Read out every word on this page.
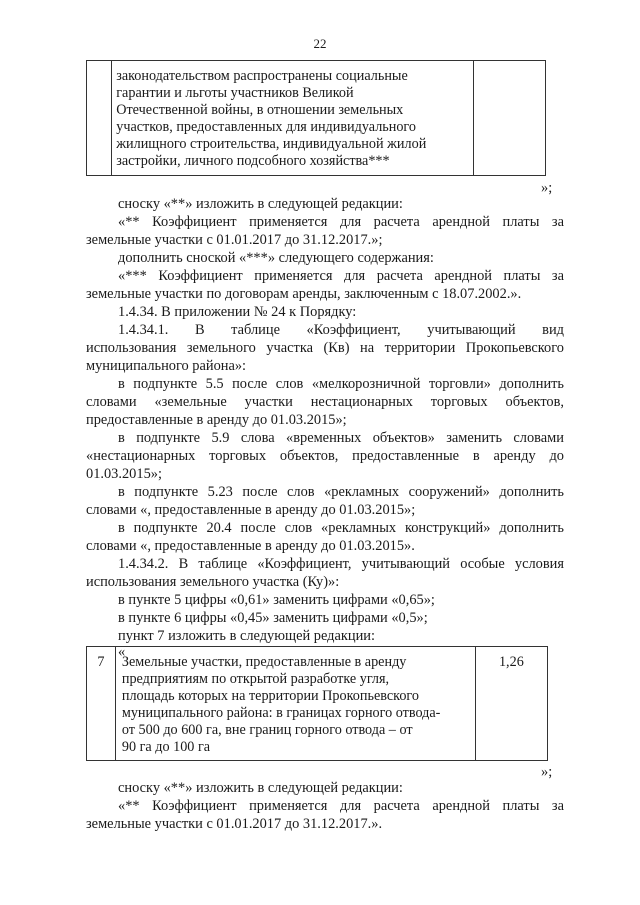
22

законодательством распространены социальные
гарантии и льготы участников Великой
Отечественной войны, в отношении земельных
участков, предоставленных для индивидуального
жилищного строительства, индивидуальной жилой
застройки, личного подсобного хозяйства***

»;
сноску «**» изложить в следующей редакции:
«** Коэффициент применяется для расчета арендной платы за
земельные участки с 01.01.2017 до 31.12.2017.»;
дополнить сноской «***» следующего содержания:
«*** Коэффициент применяется для расчета арендной платы за
земельные участки по договорам аренды, заключенным с 18.07.2002.».
1.4.34. В приложении № 24 к Порядку:
1.4.34.1. В таблице «Коэффициент, учитывающий вид
использования земельного участка (Кв) на территории Прокопьевского
муниципального района»:
в подпункте 5.5 после слов «мелкорозничной торговли» дополнить
словами «земельные участки нестационарных торговых объектов,
предоставленные в аренду до 01.03.2015»;
в подпункте 5.9 слова «временных объектов» заменить словами
«нестационарных торговых объектов, предоставленные в аренду до
01.03.2015»;
в подпункте 5.23 после слов «рекламных сооружений» дополнить
словами «, предоставленные в аренду до 01.03.2015»;
в подпункте 20.4 после слов «рекламных конструкций» дополнить
словами «, предоставленные в аренду до 01.03.2015».
1.4.34.2. В таблице «Коэффициент, учитывающий особые условия
использования земельного участка (Ку)»:
в пункте 5 цифры «0,61» заменить цифрами «0,65»;
в пункте 6 цифры «0,45» заменить цифрами «0,5»;
пункт 7 изложить в следующей редакции:
«
7	Земельные участки, предоставленные в аренду
предприятиям по открытой разработке угля,
площадь которых на территории Прокопьевского
муниципального района: в границах горного отвода-
от 500 до 600 га, вне границ горного отвода – от
90 га до 100 га
	1,26
»;
сноску «**» изложить в следующей редакции:
«** Коэффициент применяется для расчета арендной платы за
земельные участки с 01.01.2017 до 31.12.2017.».
